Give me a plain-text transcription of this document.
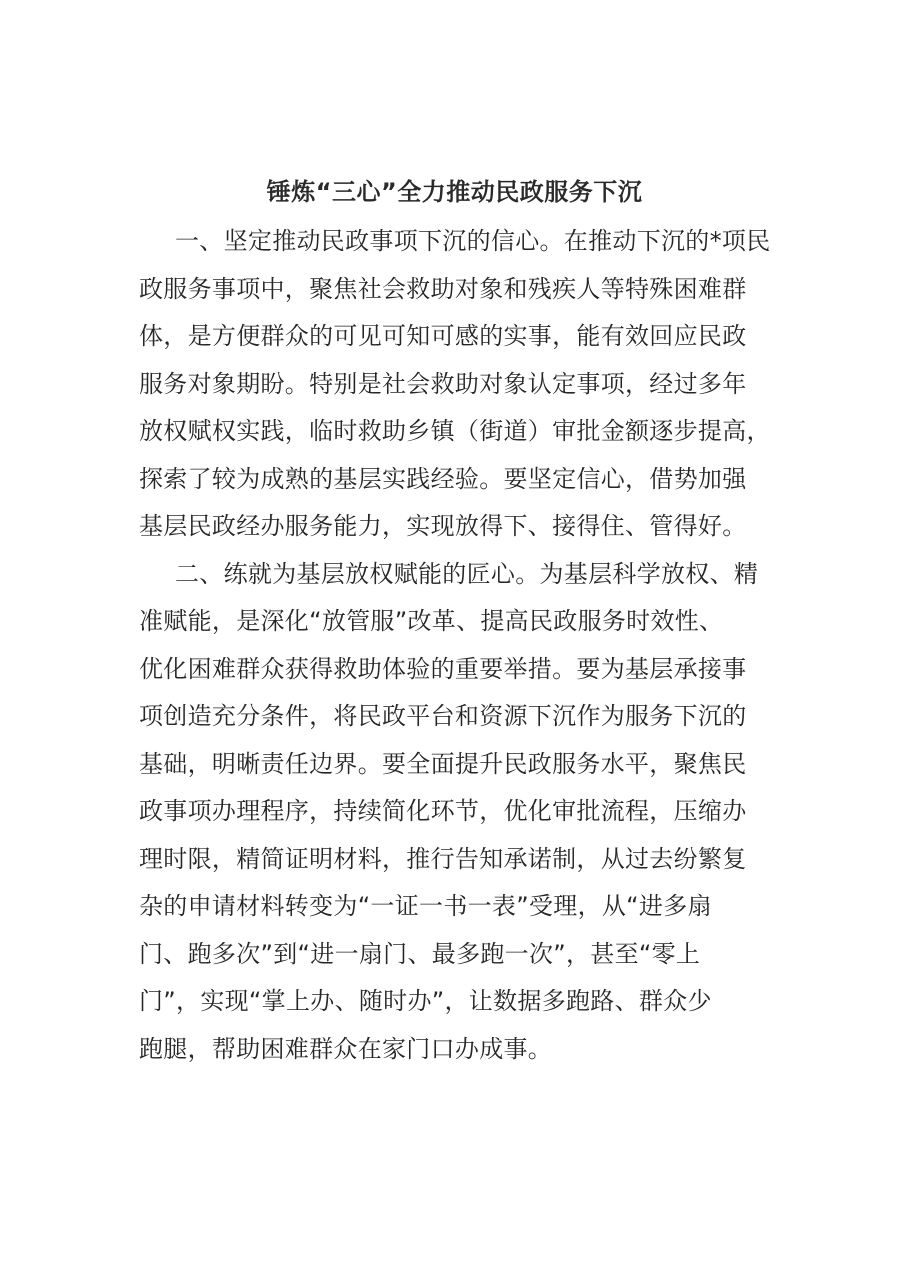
锤炼“三心”全力推动民政服务下沉
一、坚定推动民政事项下沉的信心。在推动下沉的*项民
政服务事项中，聚焦社会救助对象和残疾人等特殊困难群
体，是方便群众的可见可知可感的实事，能有效回应民政
服务对象期盼。特别是社会救助对象认定事项，经过多年
放权赋权实践，临时救助乡镇（街道）审批金额逐步提高，
探索了较为成熟的基层实践经验。要坚定信心，借势加强
基层民政经办服务能力，实现放得下、接得住、管得好。
二、练就为基层放权赋能的匠心。为基层科学放权、精
准赋能，是深化“放管服”改革、提高民政服务时效性、
优化困难群众获得救助体验的重要举措。要为基层承接事
项创造充分条件，将民政平台和资源下沉作为服务下沉的
基础，明晰责任边界。要全面提升民政服务水平，聚焦民
政事项办理程序，持续简化环节，优化审批流程，压缩办
理时限，精简证明材料，推行告知承诺制，从过去纷繁复
杂的申请材料转变为“一证一书一表”受理，从“进多扇
门、跑多次”到“进一扇门、最多跑一次”，甚至“零上
门”，实现“掌上办、随时办”，让数据多跑路、群众少
跑腿，帮助困难群众在家门口办成事。
